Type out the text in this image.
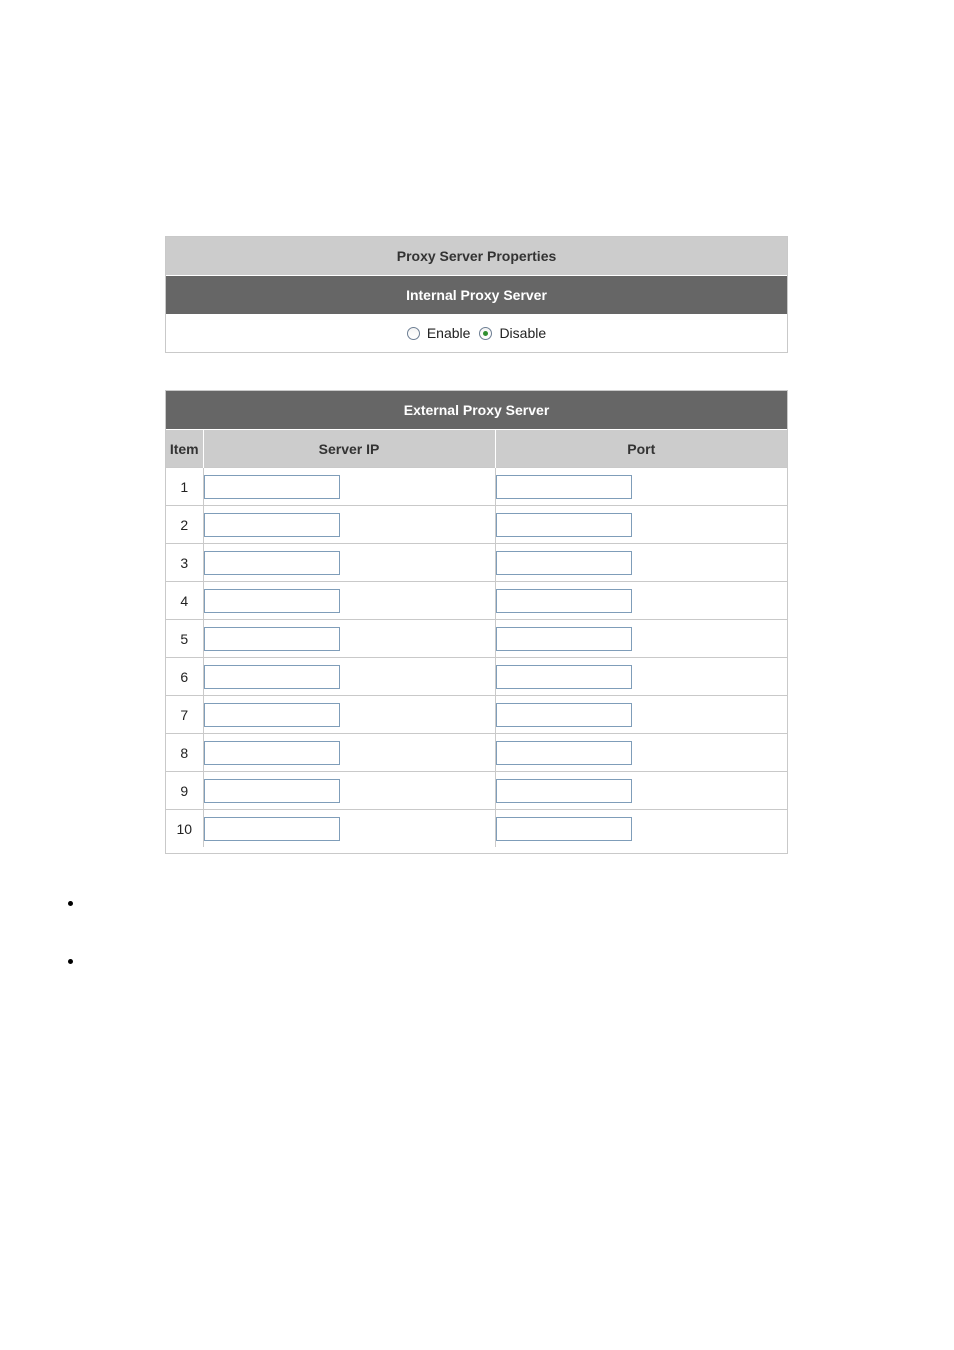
Proxy Server Properties
Internal Proxy Server
Enable Disable
External Proxy Server		
Item	Server IP	Port
1	

2	

3	

4	

5	

6	

7	

8	

9	

10	
